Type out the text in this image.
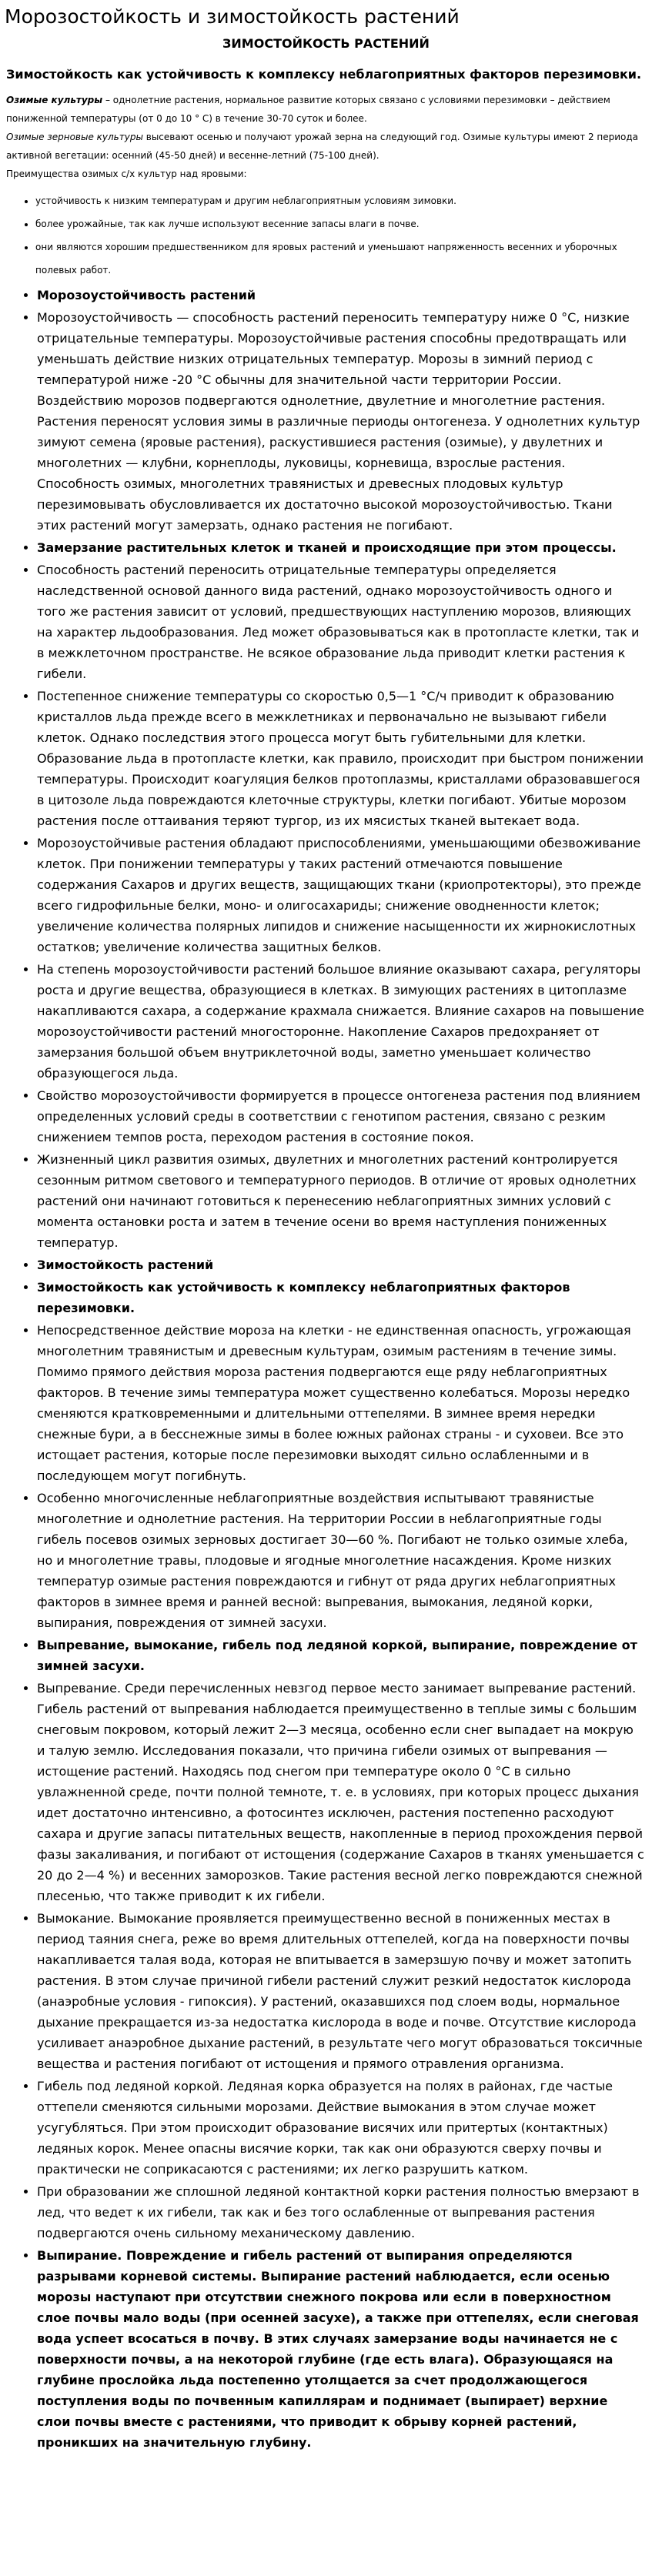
Морозостойкость и зимостойкость растений
ЗИМОСТОЙКОСТЬ РАСТЕНИЙ
Зимостойкость как устойчивость к комплексу неблагоприятных факторов перезимовки.
Озимые культуры – однолетние растения, нормальное развитие которых связано с условиями перезимовки – действием пониженной температуры (от 0 до 10 ° С) в течение 30-70 суток и более.
Озимые зерновые культуры высевают осенью и получают урожай зерна на следующий год. Озимые культуры имеют 2 периода активной вегетации: осенний (45-50 дней) и весенне-летний (75-100 дней).
Преимущества озимых с/х культур над яровыми:
• устойчивость к низким температурам и другим неблагоприятным условиям зимовки.
• более урожайные, так как лучше используют весенние запасы влаги в почве.
• они являются хорошим предшественником для яровых растений и уменьшают напряженность весенних и уборочных полевых работ.
• Морозоустойчивость растений
• Морозоустойчивость — способность растений переносить температуру ниже 0 °С, низкие отрицательные температуры. Морозоустойчивые растения способны предотвращать или уменьшать действие низких отрицательных температур. Морозы в зимний период с температурой ниже -20 °С обычны для значительной части территории России. Воздействию морозов подвергаются однолетние, двулетние и многолетние растения. Растения переносят условия зимы в различные периоды онтогенеза. У однолетних культур зимуют семена (яровые растения), раскустившиеся растения (озимые), у двулетних и многолетних — клубни, корнеплоды, луковицы, корневища, взрослые растения. Способность озимых, многолетних травянистых и древесных плодовых культур перезимовывать обусловливается их достаточно высокой морозоустойчивостью. Ткани этих растений могут замерзать, однако растения не погибают.
• Замерзание растительных клеток и тканей и происходящие при этом процессы.
• Способность растений переносить отрицательные температуры определяется наследственной основой данного вида растений, однако морозоустойчивость одного и того же растения зависит от условий, предшествующих наступлению морозов, влияющих на характер льдообразования. Лед может образовываться как в протопласте клетки, так и в межклеточном пространстве. Не всякое образование льда приводит клетки растения к гибели.
• Постепенное снижение температуры со скоростью 0,5—1 °С/ч приводит к образованию кристаллов льда прежде всего в межклетниках и первоначально не вызывают гибели клеток. Однако последствия этого процесса могут быть губительными для клетки. Образование льда в протопласте клетки, как правило, происходит при быстром понижении температуры. Происходит коагуляция белков протоплазмы, кристаллами образовавшегося в цитозоле льда повреждаются клеточные структуры, клетки погибают. Убитые морозом растения после оттаивания теряют тургор, из их мясистых тканей вытекает вода.
• Морозоустойчивые растения обладают приспособлениями, уменьшающими обезвоживание клеток. При понижении температуры у таких растений отмечаются повышение содержания Сахаров и других веществ, защищающих ткани (криопротекторы), это прежде всего гидрофильные белки, моно- и олигосахариды; снижение оводненности клеток; увеличение количества полярных липидов и снижение насыщенности их жирнокислотных остатков; увеличение количества защитных белков.
• На степень морозоустойчивости растений большое влияние оказывают сахара, регуляторы роста и другие вещества, образующиеся в клетках. В зимующих растениях в цитоплазме накапливаются сахара, а содержание крахмала снижается. Влияние сахаров на повышение морозоустойчивости растений многосторонне. Накопление Сахаров предохраняет от замерзания большой объем внутриклеточной воды, заметно уменьшает количество образующегося льда.
• Свойство морозоустойчивости формируется в процессе онтогенеза растения под влиянием определенных условий среды в соответствии с генотипом растения, связано с резким снижением темпов роста, переходом растения в состояние покоя.
• Жизненный цикл развития озимых, двулетних и многолетних растений контролируется сезонным ритмом светового и температурного периодов. В отличие от яровых однолетних растений они начинают готовиться к перенесению неблагоприятных зимних условий с момента остановки роста и затем в течение осени во время наступления пониженных температур.
• Зимостойкость растений
• Зимостойкость как устойчивость к комплексу неблагоприятных факторов перезимовки.
• Непосредственное действие мороза на клетки - не единственная опасность, угрожающая многолетним травянистым и древесным культурам, озимым растениям в течение зимы. Помимо прямого действия мороза растения подвергаются еще ряду неблагоприятных факторов. В течение зимы температура может существенно колебаться. Морозы нередко сменяются кратковременными и длительными оттепелями. В зимнее время нередки снежные бури, а в бесснежные зимы в более южных районах страны - и суховеи. Все это истощает растения, которые после перезимовки выходят сильно ослабленными и в последующем могут погибнуть.
• Особенно многочисленные неблагоприятные воздействия испытывают травянистые многолетние и однолетние растения. На территории России в неблагоприятные годы гибель посевов озимых зерновых достигает 30—60 %. Погибают не только озимые хлеба, но и многолетние травы, плодовые и ягодные многолетние насаждения. Кроме низких температур озимые растения повреждаются и гибнут от ряда других неблагоприятных факторов в зимнее время и ранней весной: выпревания, вымокания, ледяной корки, выпирания, повреждения от зимней засухи.
• Выпревание, вымокание, гибель под ледяной коркой, выпирание, повреждение от зимней засухи.
• Выпревание. Среди перечисленных невзгод первое место занимает выпревание растений. Гибель растений от выпревания наблюдается преимущественно в теплые зимы с большим снеговым покровом, который лежит 2—3 месяца, особенно если снег выпадает на мокрую и талую землю. Исследования показали, что причина гибели озимых от выпревания — истощение растений. Находясь под снегом при температуре около 0 °С в сильно увлажненной среде, почти полной темноте, т. е. в условиях, при которых процесс дыхания идет достаточно интенсивно, а фотосинтез исключен, растения постепенно расходуют сахара и другие запасы питательных веществ, накопленные в период прохождения первой фазы закаливания, и погибают от истощения (содержание Сахаров в тканях уменьшается с 20 до 2—4 %) и весенних заморозков. Такие растения весной легко повреждаются снежной плесенью, что также приводит к их гибели.
• Вымокание. Вымокание проявляется преимущественно весной в пониженных местах в период таяния снега, реже во время длительных оттепелей, когда на поверхности почвы накапливается талая вода, которая не впитывается в замерзшую почву и может затопить растения. В этом случае причиной гибели растений служит резкий недостаток кислорода (анаэробные условия - гипоксия). У растений, оказавшихся под слоем воды, нормальное дыхание прекращается из-за недостатка кислорода в воде и почве. Отсутствие кислорода усиливает анаэробное дыхание растений, в результате чего могут образоваться токсичные вещества и растения погибают от истощения и прямого отравления организма.
• Гибель под ледяной коркой. Ледяная корка образуется на полях в районах, где частые оттепели сменяются сильными морозами. Действие вымокания в этом случае может усугубляться. При этом происходит образование висячих или притертых (контактных) ледяных корок. Менее опасны висячие корки, так как они образуются сверху почвы и практически не соприкасаются с растениями; их легко разрушить катком.
• При образовании же сплошной ледяной контактной корки растения полностью вмерзают в лед, что ведет к их гибели, так как и без того ослабленные от выпревания растения подвергаются очень сильному механическому давлению.
• Выпирание. Повреждение и гибель растений от выпирания определяются разрывами корневой системы. Выпирание растений наблюдается, если осенью морозы наступают при отсутствии снежного покрова или если в поверхностном слое почвы мало воды (при осенней засухе), а также при оттепелях, если снеговая вода успеет всосаться в почву. В этих случаях замерзание воды начинается не с поверхности почвы, а на некоторой глубине (где есть влага). Образующаяся на глубине прослойка льда постепенно утолщается за счет продолжающегося поступления воды по почвенным капиллярам и поднимает (выпирает) верхние слои почвы вместе с растениями, что приводит к обрыву корней растений, проникших на значительную глубину.
